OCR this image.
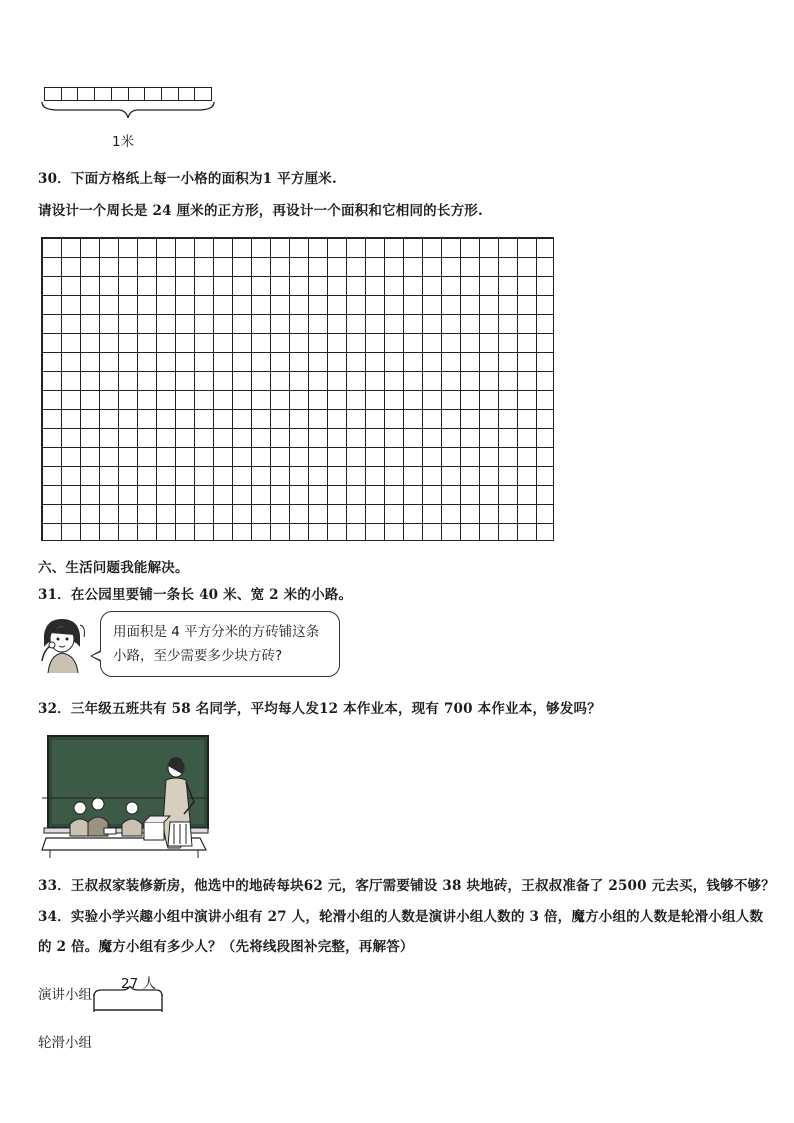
1米
30．下面方格纸上每一小格的面积为1 平方厘米.
请设计一个周长是 24 厘米的正方形，再设计一个面积和它相同的长方形.
六、生活问题我能解决。
31．在公园里要铺一条长 40 米、宽 2 米的小路。
用面积是 4 平方分米的方砖铺这条
小路，至少需要多少块方砖?
32．三年级五班共有 58 名同学，平均每人发12 本作业本，现有 700 本作业本，够发吗？
33．王叔叔家装修新房，他选中的地砖每块62 元，客厅需要铺设 38 块地砖，王叔叔准备了 2500 元去买，钱够不够？
34．实验小学兴趣小组中演讲小组有 27 人，轮滑小组的人数是演讲小组人数的 3 倍，魔方小组的人数是轮滑小组人数
的 2 倍。魔方小组有多少人？（先将线段图补完整，再解答）
27 人
演讲小组
轮滑小组
